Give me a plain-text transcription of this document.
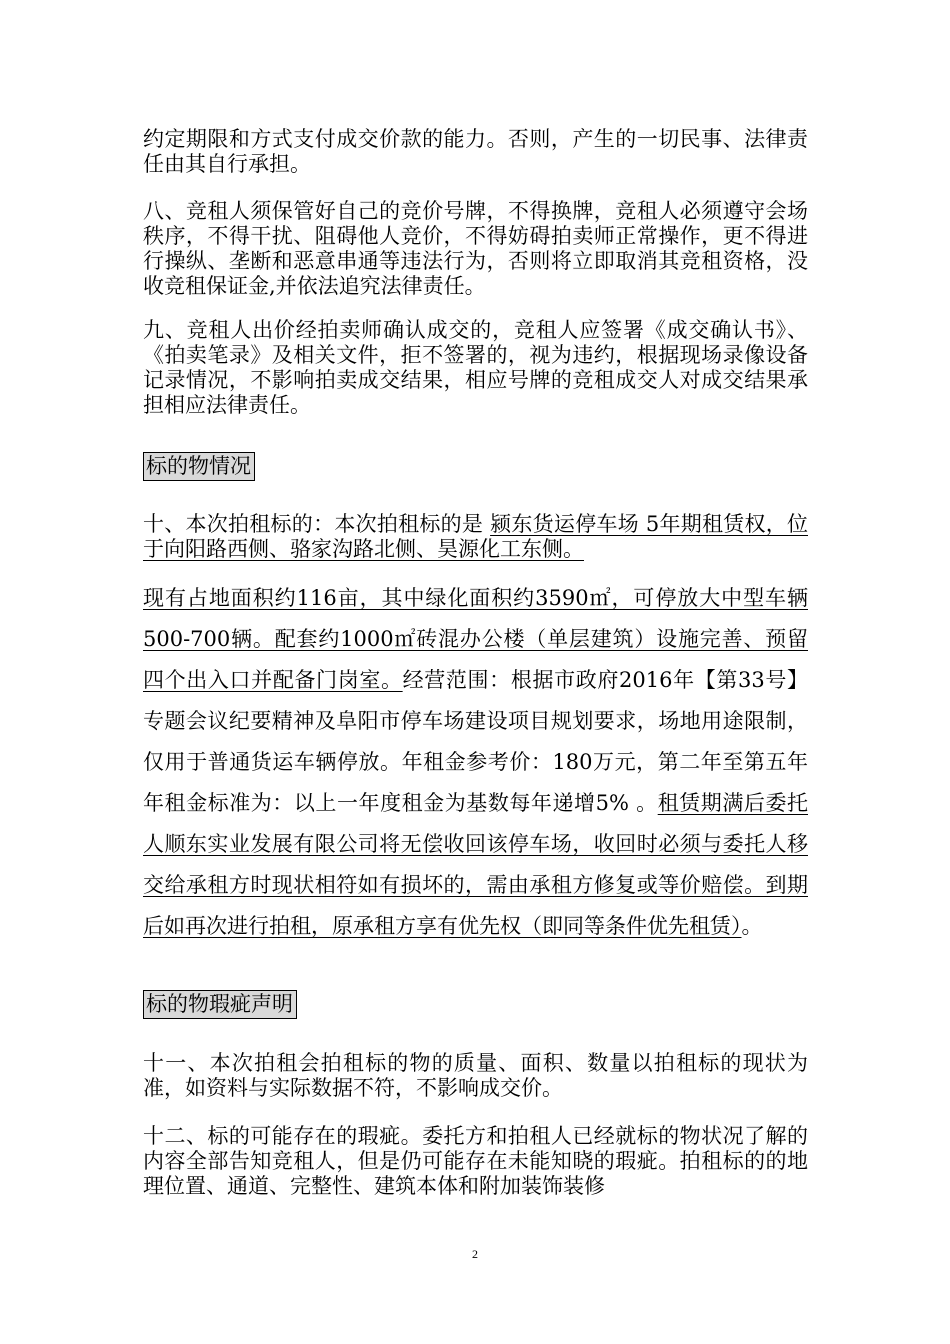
约定期限和方式支付成交价款的能力。否则，产生的一切民事、法律责任由其自行承担。

八、竞租人须保管好自己的竞价号牌，不得换牌，竞租人必须遵守会场秩序，不得干扰、阻碍他人竞价，不得妨碍拍卖师正常操作，更不得进行操纵、垄断和恶意串通等违法行为，否则将立即取消其竞租资格，没收竞租保证金,并依法追究法律责任。

九、竞租人出价经拍卖师确认成交的，竞租人应签署《成交确认书》、《拍卖笔录》及相关文件，拒不签署的，视为违约，根据现场录像设备记录情况，不影响拍卖成交结果，相应号牌的竞租成交人对成交结果承担相应法律责任。

标的物情况

十、本次拍租标的：本次拍租标的是 颍东货运停车场 5年期租赁权，位于向阳路西侧、骆家沟路北侧、昊源化工东侧。

现有占地面积约116亩，其中绿化面积约3590㎡，可停放大中型车辆500-700辆。配套约1000㎡砖混办公楼（单层建筑）设施完善、预留四个出入口并配备门岗室。经营范围：根据市政府2016年【第33号】专题会议纪要精神及阜阳市停车场建设项目规划要求，场地用途限制，仅用于普通货运车辆停放。年租金参考价：180万元，第二年至第五年年租金标准为：以上一年度租金为基数每年递增5% 。租赁期满后委托人顺东实业发展有限公司将无偿收回该停车场，收回时必须与委托人移交给承租方时现状相符如有损坏的，需由承租方修复或等价赔偿。到期后如再次进行拍租，原承租方享有优先权（即同等条件优先租赁）。

标的物瑕疵声明

十一、本次拍租会拍租标的物的质量、面积、数量以拍租标的现状为准，如资料与实际数据不符，不影响成交价。

十二、标的可能存在的瑕疵。委托方和拍租人已经就标的物状况了解的内容全部告知竞租人，但是仍可能存在未能知晓的瑕疵。拍租标的的地理位置、通道、完整性、建筑本体和附加装饰装修

2
